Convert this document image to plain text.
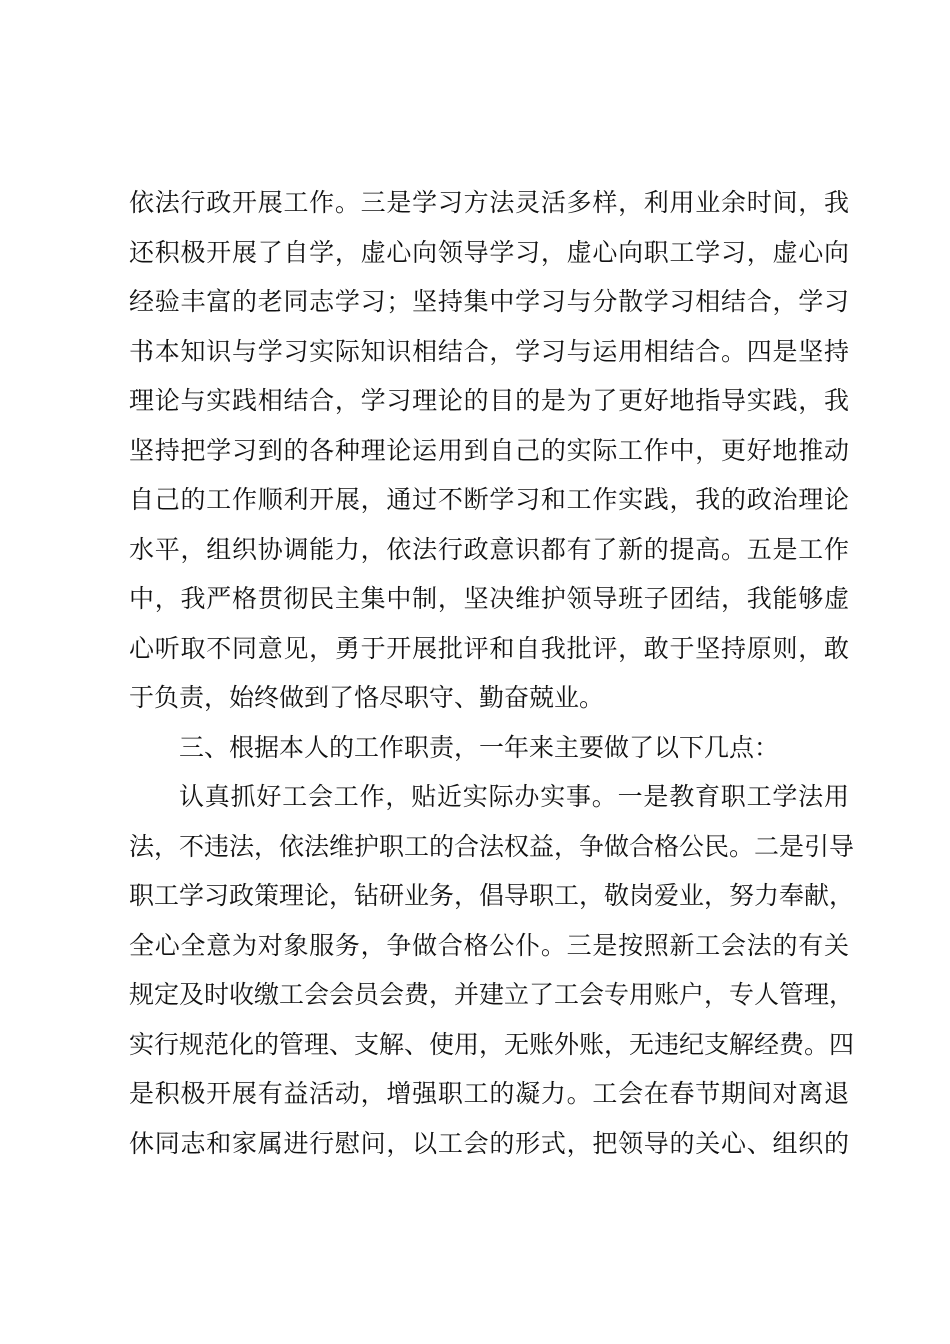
依法行政开展工作。三是学习方法灵活多样，利用业余时间，我
还积极开展了自学，虚心向领导学习，虚心向职工学习，虚心向
经验丰富的老同志学习；坚持集中学习与分散学习相结合，学习
书本知识与学习实际知识相结合，学习与运用相结合。四是坚持
理论与实践相结合，学习理论的目的是为了更好地指导实践，我
坚持把学习到的各种理论运用到自己的实际工作中，更好地推动
自己的工作顺利开展，通过不断学习和工作实践，我的政治理论
水平，组织协调能力，依法行政意识都有了新的提高。五是工作
中，我严格贯彻民主集中制，坚决维护领导班子团结，我能够虚
心听取不同意见，勇于开展批评和自我批评，敢于坚持原则，敢
于负责，始终做到了恪尽职守、勤奋兢业。
三、根据本人的工作职责，一年来主要做了以下几点：
认真抓好工会工作，贴近实际办实事。一是教育职工学法用
法，不违法，依法维护职工的合法权益，争做合格公民。二是引导
职工学习政策理论，钻研业务，倡导职工，敬岗爱业，努力奉献，
全心全意为对象服务，争做合格公仆。三是按照新工会法的有关
规定及时收缴工会会员会费，并建立了工会专用账户，专人管理，
实行规范化的管理、支解、使用，无账外账，无违纪支解经费。四
是积极开展有益活动，增强职工的凝力。工会在春节期间对离退
休同志和家属进行慰问，以工会的形式，把领导的关心、组织的
